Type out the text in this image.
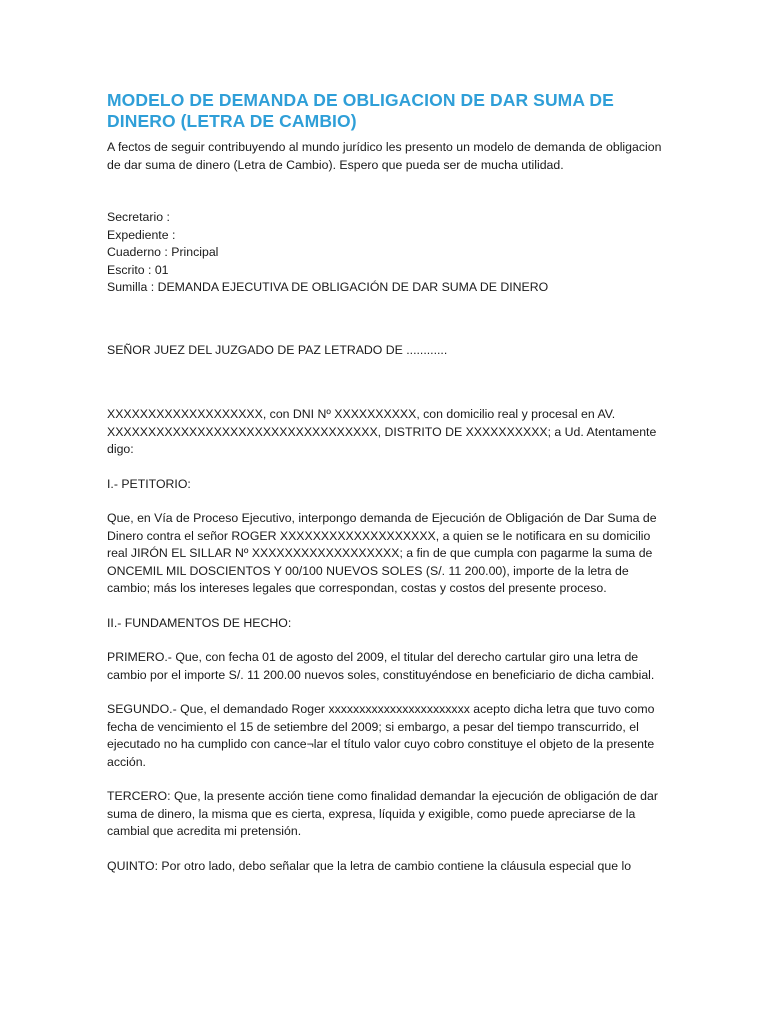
MODELO DE DEMANDA DE OBLIGACION DE DAR SUMA DE DINERO (LETRA DE CAMBIO)

A fectos de seguir contribuyendo al mundo jurídico les presento un modelo de demanda de obligacion de dar suma de dinero (Letra de Cambio). Espero que pueda ser de mucha utilidad.

Secretario :
Expediente :
Cuaderno : Principal
Escrito : 01
Sumilla : DEMANDA EJECUTIVA DE OBLIGACIÓN DE DAR SUMA DE DINERO

SEÑOR JUEZ DEL JUZGADO DE PAZ LETRADO DE ............

XXXXXXXXXXXXXXXXXXX, con DNI Nº XXXXXXXXXX, con domicilio real y procesal en AV. XXXXXXXXXXXXXXXXXXXXXXXXXXXXXXXXX, DISTRITO DE XXXXXXXXXX; a Ud. Atentamente digo:

I.- PETITORIO:

Que, en Vía de Proceso Ejecutivo, interpongo demanda de Ejecución de Obligación de Dar Suma de Dinero contra el señor ROGER XXXXXXXXXXXXXXXXXXX, a quien se le notificara en su domicilio real JIRÓN EL SILLAR Nº XXXXXXXXXXXXXXXXXX; a fin de que cumpla con pagarme la suma de ONCEMIL MIL DOSCIENTOS Y 00/100 NUEVOS SOLES (S/. 11 200.00), importe de la letra de cambio; más los intereses legales que correspondan, costas y costos del presente proceso.

II.- FUNDAMENTOS DE HECHO:

PRIMERO.- Que, con fecha 01 de agosto del 2009, el titular del derecho cartular giro una letra de cambio por el importe S/. 11 200.00 nuevos soles, constituyéndose en beneficiario de dicha cambial.

SEGUNDO.- Que, el demandado Roger xxxxxxxxxxxxxxxxxxxxxxx acepto dicha letra que tuvo como fecha de vencimiento el 15 de setiembre del 2009; si embargo, a pesar del tiempo transcurrido, el ejecutado no ha cumplido con cance¬lar el título valor cuyo cobro constituye el objeto de la presente acción.

TERCERO: Que, la presente acción tiene como finalidad demandar la ejecución de obligación de dar suma de dinero, la misma que es cierta, expresa, líquida y exigible, como puede apreciarse de la cambial que acredita mi pretensión.

QUINTO: Por otro lado, debo señalar que la letra de cambio contiene la cláusula especial que lo
